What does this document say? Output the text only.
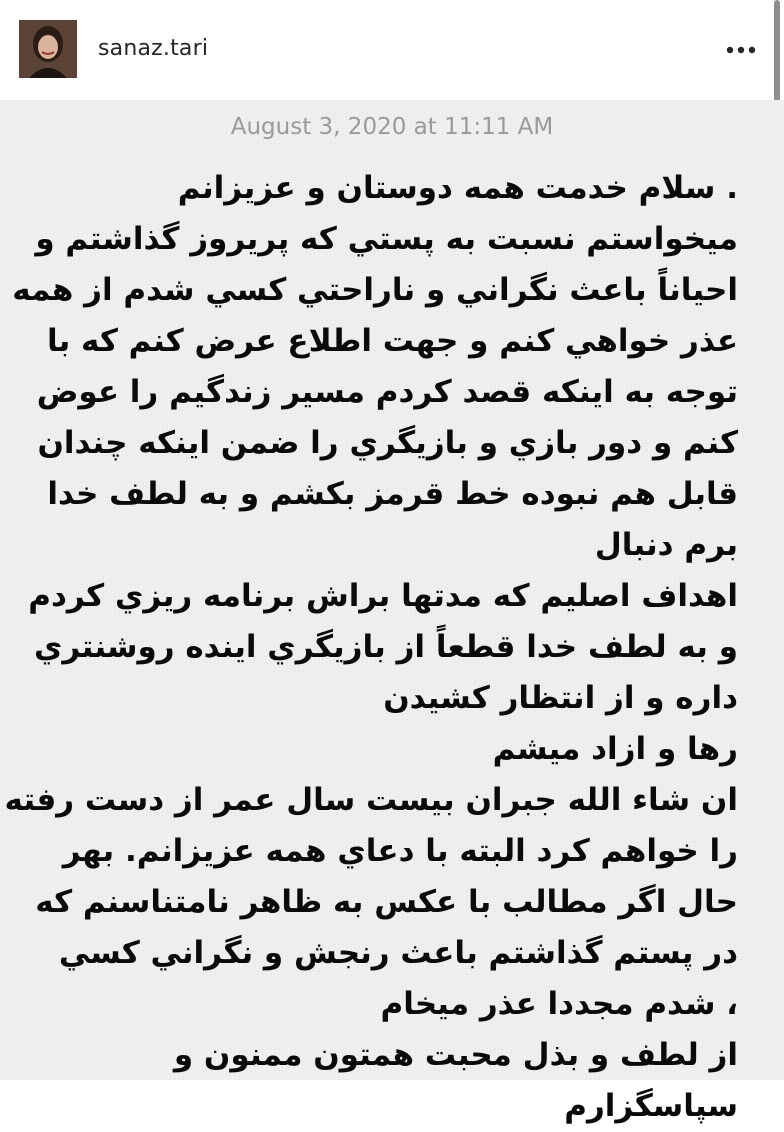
sanaz.tari
August 3, 2020 at 11:11 AM
. سلام خدمت همه دوستان و عزيزانم
ميخواستم نسبت به پستي که پريروز گذاشتم و
احياناً باعث نگراني و ناراحتي کسي شدم از همه
عذر خواهي کنم و جهت اطلاع عرض کنم که با
توجه به اينکه قصد کردم مسير زندگيم را عوض
کنم و دور بازي و بازيگري را ضمن اينکه چندان
قابل هم نبوده خط قرمز بکشم و به لطف خدا
برم دنبال
اهداف اصليم که مدتها براش برنامه ريزي کردم
و به لطف خدا قطعاً از بازيگري اينده روشنتري
داره و از انتظار کشيدن
رها و ازاد ميشم
ان شاء الله جبران بيست سال عمر از دست رفته
را خواهم کرد البته با دعاي همه عزيزانم. بهر
حال اگر مطالب با عکس به ظاهر نامتناسنم که
در پستم گذاشتم باعث رنجش و نگراني کسي
، شدم مجددا عذر ميخام
از لطف و بذل محبت همتون ممنون و
سپاسگزارم
